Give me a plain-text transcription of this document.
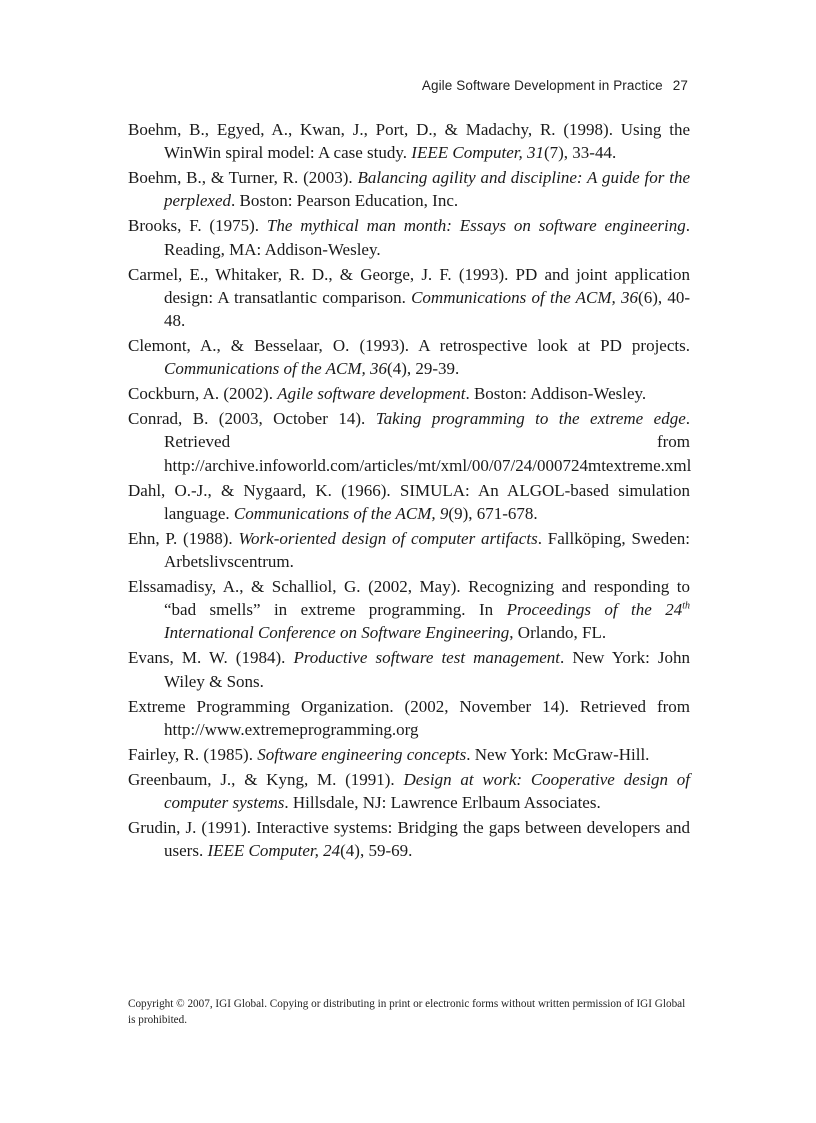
Agile Software Development in Practice 27

Boehm, B., Egyed, A., Kwan, J., Port, D., & Madachy, R. (1998). Using the WinWin spiral model: A case study. IEEE Computer, 31(7), 33-44.

Boehm, B., & Turner, R. (2003). Balancing agility and discipline: A guide for the perplexed. Boston: Pearson Education, Inc.

Brooks, F. (1975). The mythical man month: Essays on software engineering. Reading, MA: Addison-Wesley.

Carmel, E., Whitaker, R. D., & George, J. F. (1993). PD and joint application design: A transatlantic comparison. Communications of the ACM, 36(6), 40-48.

Clemont, A., & Besselaar, O. (1993). A retrospective look at PD projects. Communications of the ACM, 36(4), 29-39.

Cockburn, A. (2002). Agile software development. Boston: Addison-Wesley.

Conrad, B. (2003, October 14). Taking programming to the extreme edge. Retrieved from http://archive.infoworld.com/articles/mt/xml/00/07/24/000724mtextreme.xml

Dahl, O.-J., & Nygaard, K. (1966). SIMULA: An ALGOL-based simulation language. Communications of the ACM, 9(9), 671-678.

Ehn, P. (1988). Work-oriented design of computer artifacts. Fallköping, Sweden: Arbetslivscentrum.

Elssamadisy, A., & Schalliol, G. (2002, May). Recognizing and responding to “bad smells” in extreme programming. In Proceedings of the 24th International Conference on Software Engineering, Orlando, FL.

Evans, M. W. (1984). Productive software test management. New York: John Wiley & Sons.

Extreme Programming Organization. (2002, November 14). Retrieved from http://www.extremeprogramming.org

Fairley, R. (1985). Software engineering concepts. New York: McGraw-Hill.

Greenbaum, J., & Kyng, M. (1991). Design at work: Cooperative design of computer systems. Hillsdale, NJ: Lawrence Erlbaum Associates.

Grudin, J. (1991). Interactive systems: Bridging the gaps between developers and users. IEEE Computer, 24(4), 59-69.

Copyright © 2007, IGI Global. Copying or distributing in print or electronic forms without written permission of IGI Global is prohibited.
